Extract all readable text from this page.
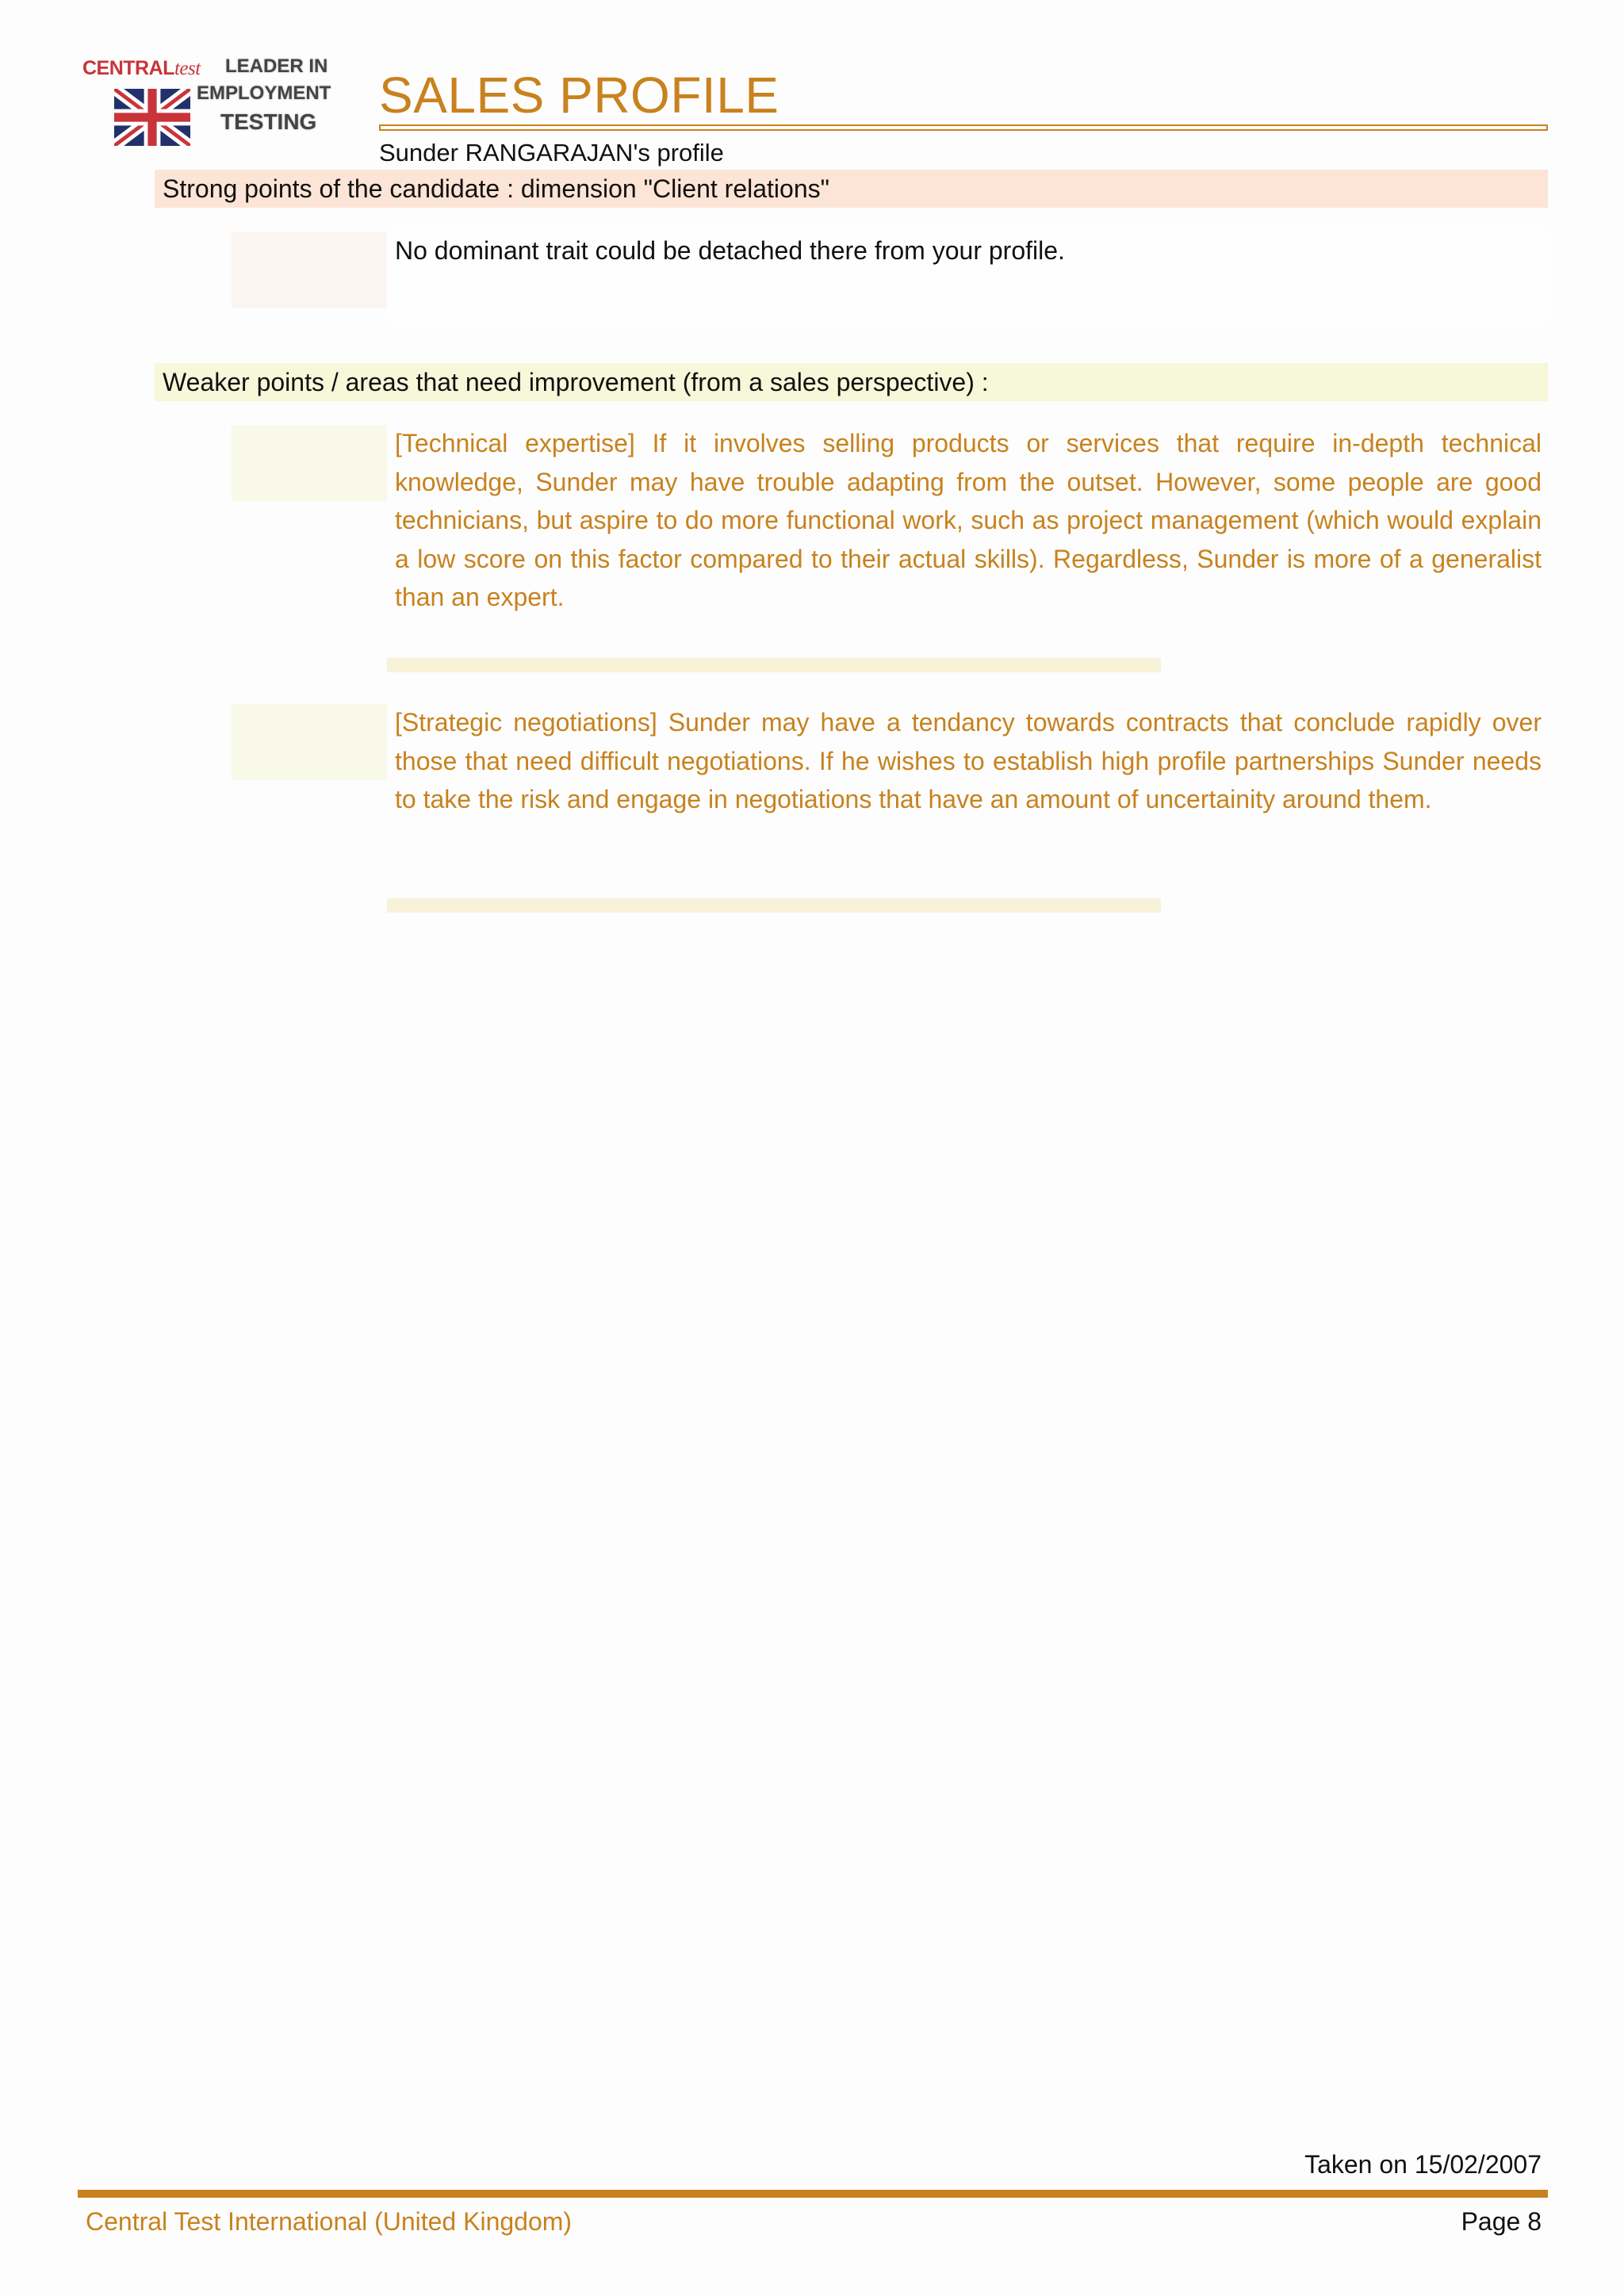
CENTRALtest LEADER IN
EMPLOYMENT
TESTING SALES PROFILE
Sunder RANGARAJAN's profile
Strong points of the candidate : dimension "Client relations"
No dominant trait could be detached there from your profile.
Weaker points / areas that need improvement (from a sales perspective) :
[Technical expertise] If it involves selling products or services that require in-depth technical knowledge, Sunder may have trouble adapting from the outset. However, some people are good technicians, but aspire to do more functional work, such as project management (which would explain a low score on this factor compared to their actual skills). Regardless, Sunder is more of a generalist than an expert.
[Strategic negotiations] Sunder may have a tendancy towards contracts that conclude rapidly over those that need difficult negotiations. If he wishes to establish high profile partnerships Sunder needs to take the risk and engage in negotiations that have an amount of uncertainity around them.
Taken on 15/02/2007
Central Test International (United Kingdom)	Page 8
